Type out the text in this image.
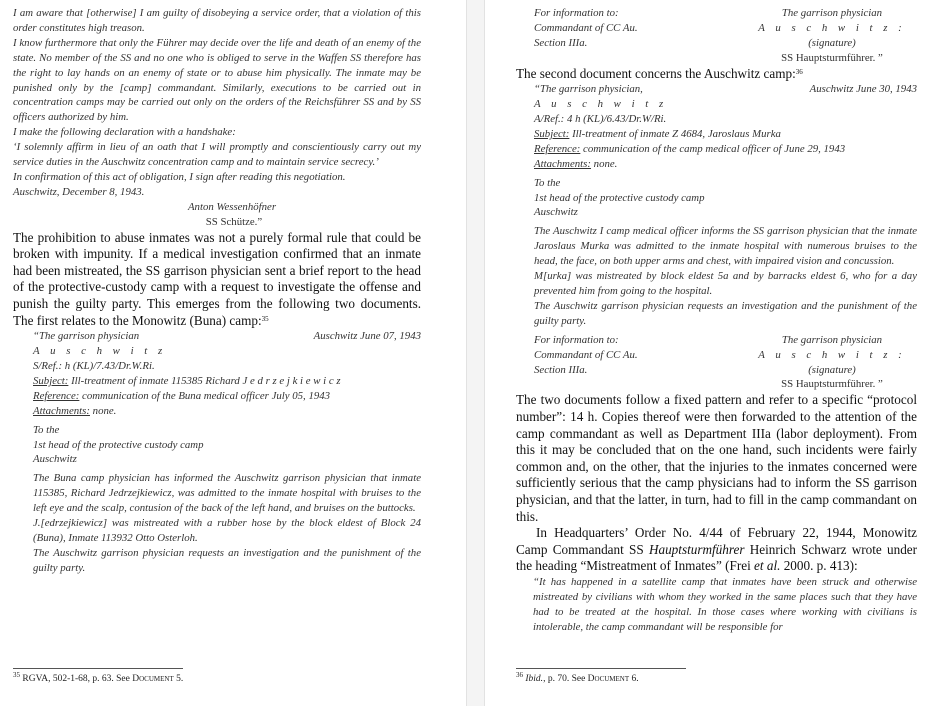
I am aware that [otherwise] I am guilty of disobeying a service order, that a violation of this order constitutes high treason.

I know furthermore that only the Führer may decide over the life and death of an enemy of the state. No member of the SS and no one who is obliged to serve in the Waffen SS therefore has the right to lay hands on an enemy of state or to abuse him physically. The inmate may be punished only by the [camp] commandant. Similarly, executions to be carried out in concentration camps may be carried out only on the orders of the Reichsführer SS and by SS officers authorized by him.

I make the following declaration with a handshake:

‘I solemnly affirm in lieu of an oath that I will promptly and conscientiously carry out my service duties in the Auschwitz concentration camp and to maintain service secrecy.’

In confirmation of this act of obligation, I sign after reading this negotiation.

Auschwitz, December 8, 1943.

Anton Wessenhöfner

SS Schütze.”

The prohibition to abuse inmates was not a purely formal rule that could be broken with impunity. If a medical investigation confirmed that an inmate had been mistreated, the SS garrison physician sent a brief report to the head of the protective-custody camp with a request to investigate the offense and punish the guilty party. This emerges from the following two documents. The first relates to the Monowitz (Buna) camp:$^{35}$

“The garrison physician	Auschwitz June 07, 1943

A u s c h w i t z

S/Ref.: h (KL)/7.43/Dr.W.Ri.

Subject: Ill-treatment of inmate 115385 Richard J e d r z e j k i e w i c z

Reference: communication of the Buna medical officer July 05, 1943

Attachments: none.

To the

1st head of the protective custody camp

Auschwitz

The Buna camp physician has informed the Auschwitz garrison physician that inmate 115385, Richard Jedrzejkiewicz, was admitted to the inmate hospital with bruises to the left eye and the scalp, contusion of the back of the left hand, and bruises on the buttocks.

J.[edrzejkiewicz] was mistreated with a rubber hose by the block eldest of Block 24 (Buna), Inmate 113932 Otto Osterloh.

The Auschwitz garrison physician requests an investigation and the punishment of the guilty party.

$^{35}$ RGVA, 502-1-68, p. 63. See Document 5.
For information to:	The garrison physician
Commandant of CC Au.	A u s c h w i t z :
Section IIIa.	(signature)
SS Hauptsturmführer. ”

The second document concerns the Auschwitz camp:$^{36}$

“The garrison physician,	Auschwitz June 30, 1943

A u s c h w i t z

A/Ref.: 4 h (KL)/6.43/Dr.W/Ri.

Subject: Ill-treatment of inmate Z 4684, Jaroslaus Murka

Reference: communication of the camp medical officer of June 29, 1943

Attachments: none.

To the

1st head of the protective custody camp

Auschwitz

The Auschwitz I camp medical officer informs the SS garrison physician that the inmate Jaroslaus Murka was admitted to the inmate hospital with numerous bruises to the head, the face, on both upper arms and chest, with impaired vision and concussion.

M[urka] was mistreated by block eldest 5a and by barracks eldest 6, who for a day prevented him from going to the hospital.

The Auschwitz garrison physician requests an investigation and the punishment of the guilty party.

For information to:	The garrison physician
Commandant of CC Au.	A u s c h w i t z :
Section IIIa.	(signature)
SS Hauptsturmführer. ”

The two documents follow a fixed pattern and refer to a specific “protocol number”: 14 h. Copies thereof were then forwarded to the attention of the camp commandant as well as Department IIIa (labor deployment). From this it may be concluded that on the one hand, such incidents were fairly common and, on the other, that the injuries to the inmates concerned were sufficiently serious that the camp physicians had to inform the SS garrison physician, and that the latter, in turn, had to fill in the camp commandant on this.

In Headquarters’ Order No. 4/44 of February 22, 1944, Monowitz Camp Commandant SS Hauptsturmführer Heinrich Schwarz wrote under the heading “Mistreatment of Inmates” (Frei et al. 2000. p. 413):

“It has happened in a satellite camp that inmates have been struck and otherwise mistreated by civilians with whom they worked in the same places such that they have had to be treated at the hospital. In those cases where working with civilians is intolerable, the camp commandant will be responsible for

$^{36}$ Ibid., p. 70. See Document 6.
